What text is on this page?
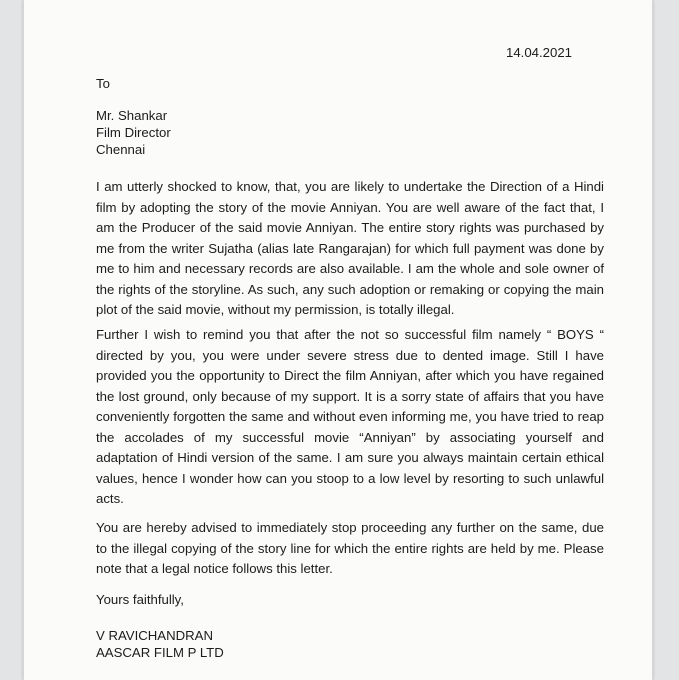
14.04.2021
To
Mr. Shankar
Film Director
Chennai

I am utterly shocked to know, that, you are likely to undertake the Direction of a Hindi film by adopting the story of the movie Anniyan. You are well aware of the fact that, I am the Producer of the said movie Anniyan. The entire story rights was purchased by me from the writer Sujatha (alias late Rangarajan) for which full payment was done by me to him and necessary records are also available. I am the whole and sole owner of the rights of the storyline. As such, any such adoption or remaking or copying the main plot of the said movie, without my permission, is totally illegal.

Further I wish to remind you that after the not so successful film namely “ BOYS “ directed by you, you were under severe stress due to dented image. Still I have provided you the opportunity to Direct the film Anniyan, after which you have regained the lost ground, only because of my support. It is a sorry state of affairs that you have conveniently forgotten the same and without even informing me, you have tried to reap the accolades of my successful movie “Anniyan” by associating yourself and adaptation of Hindi version of the same. I am sure you always maintain certain ethical values, hence I wonder how can you stoop to a low level by resorting to such unlawful acts.

You are hereby advised to immediately stop proceeding any further on the same, due to the illegal copying of the story line for which the entire rights are held by me. Please note that a legal notice follows this letter.

Yours faithfully,
V RAVICHANDRAN
AASCAR FILM P LTD
